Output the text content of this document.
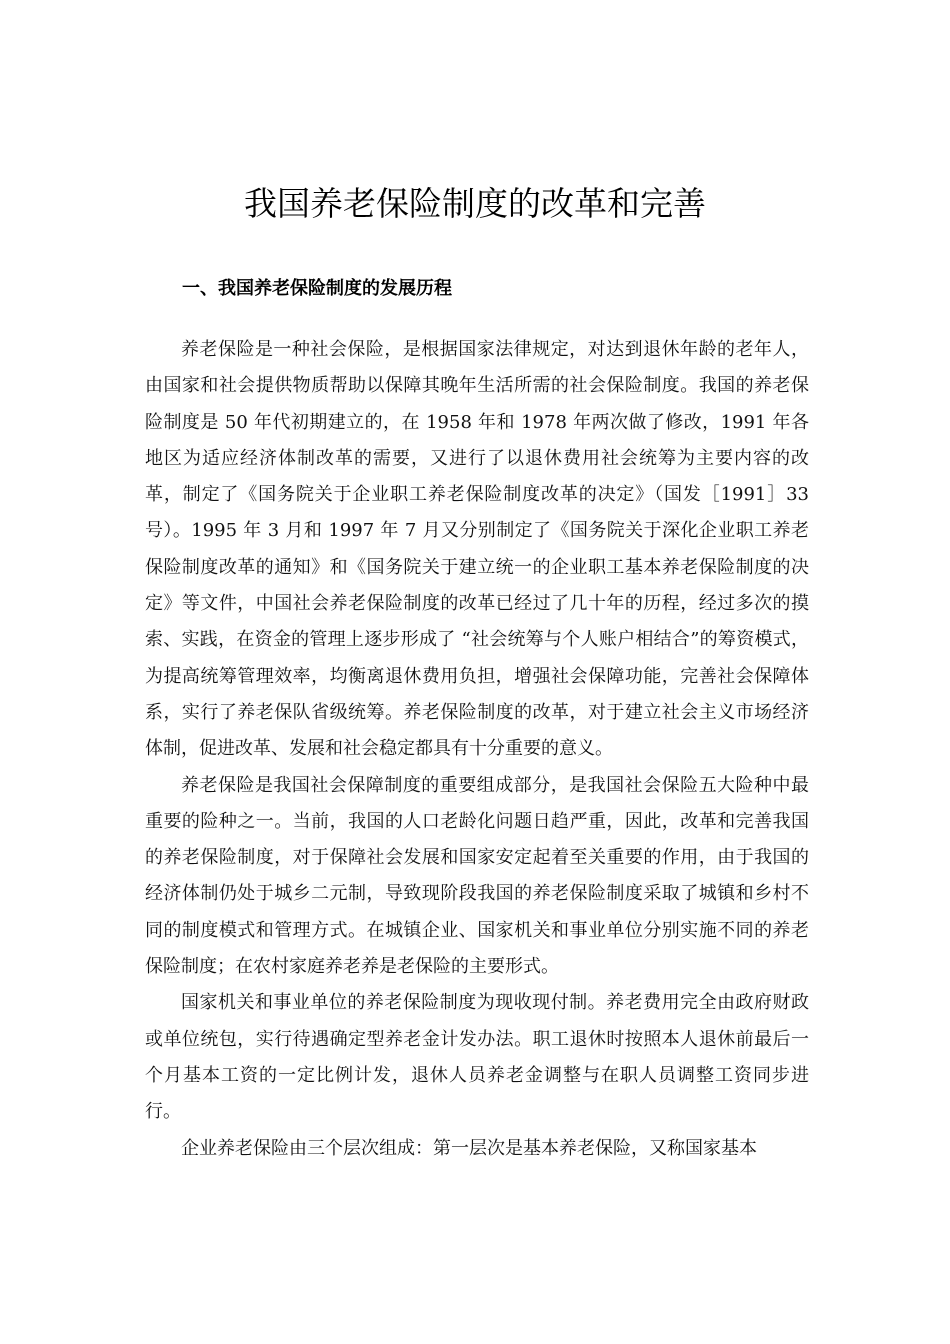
我国养老保险制度的改革和完善
一、我国养老保险制度的发展历程

养老保险是一种社会保险，是根据国家法律规定，对达到退休年龄的老年人，由国家和社会提供物质帮助以保障其晚年生活所需的社会保险制度。我国的养老保险制度是 50 年代初期建立的，在 1958 年和 1978 年两次做了修改，1991 年各地区为适应经济体制改革的需要，又进行了以退休费用社会统筹为主要内容的改革，制定了《国务院关于企业职工养老保险制度改革的决定》（国发［1991］33 号）。1995 年 3 月和 1997 年 7 月又分别制定了《国务院关于深化企业职工养老保险制度改革的通知》和《国务院关于建立统一的企业职工基本养老保险制度的决定》等文件，中国社会养老保险制度的改革已经过了几十年的历程，经过多次的摸索、实践，在资金的管理上逐步形成了 “社会统筹与个人账户相结合”的筹资模式，为提高统筹管理效率，均衡离退休费用负担，增强社会保障功能，完善社会保障体系，实行了养老保队省级统筹。养老保险制度的改革，对于建立社会主义市场经济体制，促进改革、发展和社会稳定都具有十分重要的意义。

养老保险是我国社会保障制度的重要组成部分，是我国社会保险五大险种中最重要的险种之一。当前，我国的人口老龄化问题日趋严重，因此，改革和完善我国的养老保险制度，对于保障社会发展和国家安定起着至关重要的作用，由于我国的经济体制仍处于城乡二元制，导致现阶段我国的养老保险制度采取了城镇和乡村不同的制度模式和管理方式。在城镇企业、国家机关和事业单位分别实施不同的养老保险制度；在农村家庭养老养是老保险的主要形式。

国家机关和事业单位的养老保险制度为现收现付制。养老费用完全由政府财政或单位统包，实行待遇确定型养老金计发办法。职工退休时按照本人退休前最后一个月基本工资的一定比例计发，退休人员养老金调整与在职人员调整工资同步进行。

企业养老保险由三个层次组成：第一层次是基本养老保险，又称国家基本
